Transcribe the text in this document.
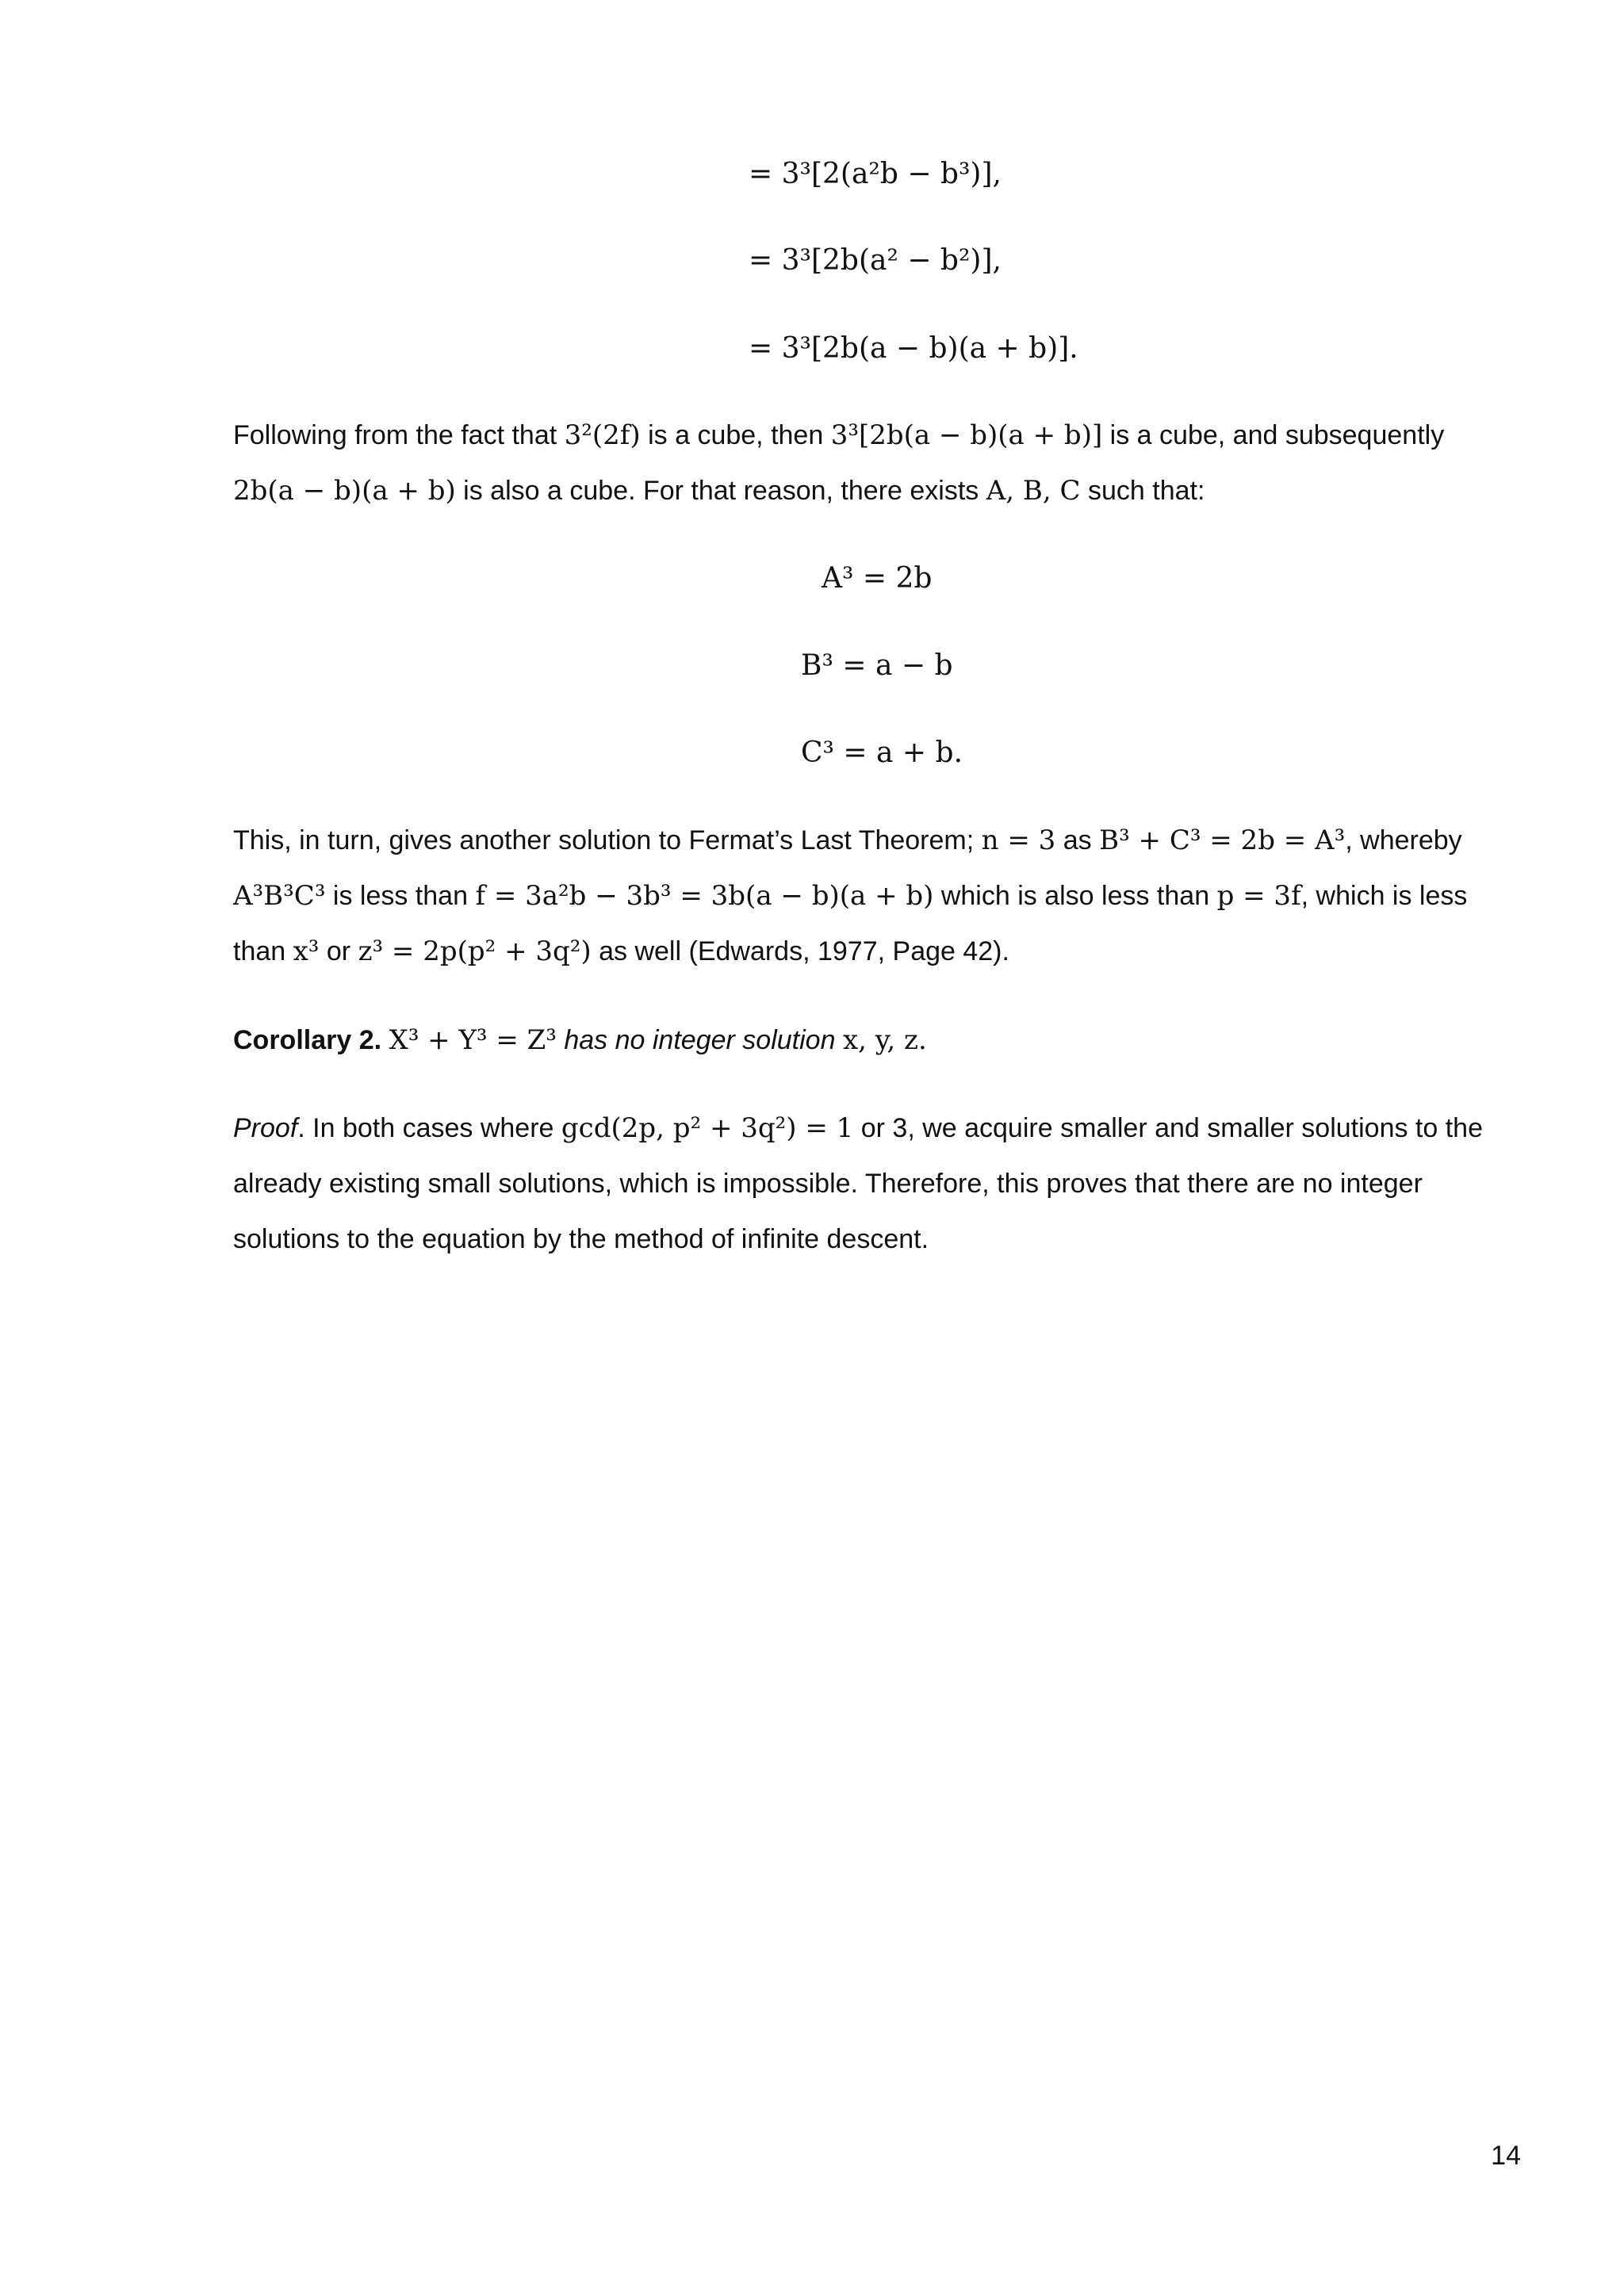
= 3³[2(a²b − b³)],
= 3³[2b(a² − b²)],
= 3³[2b(a − b)(a + b)].
Following from the fact that 3²(2f) is a cube, then 3³[2b(a − b)(a + b)] is a cube, and subsequently
2b(a − b)(a + b) is also a cube. For that reason, there exists A, B, C such that:
A³ = 2b
B³ = a − b
C³ = a + b.
This, in turn, gives another solution to Fermat’s Last Theorem; n = 3 as B³ + C³ = 2b = A³, whereby
A³B³C³ is less than f = 3a²b − 3b³ = 3b(a − b)(a + b) which is also less than p = 3f, which is less
than x³ or z³ = 2p(p² + 3q²) as well (Edwards, 1977, Page 42).
Corollary 2. X³ + Y³ = Z³ has no integer solution x, y, z.
Proof. In both cases where gcd(2p, p² + 3q²) = 1 or 3, we acquire smaller and smaller solutions to the
already existing small solutions, which is impossible. Therefore, this proves that there are no integer
solutions to the equation by the method of infinite descent.
14
